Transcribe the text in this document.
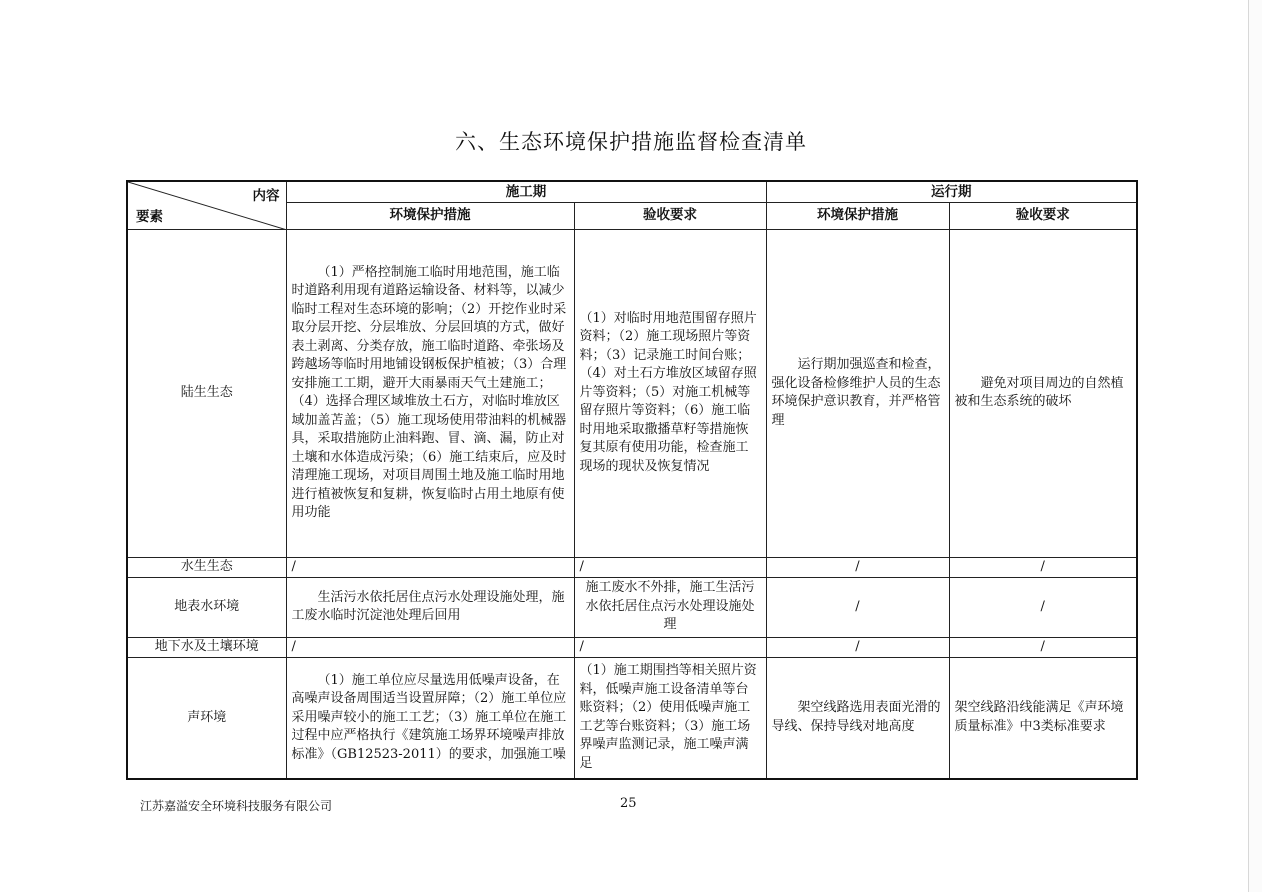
六、生态环境保护措施监督检查清单
内容
要素	施工期		运行期	
	环境保护措施	验收要求	环境保护措施	验收要求
陆生生态	（1）严格控制施工临时用地范围，施工临时道路利用现有道路运输设备、材料等，以减少临时工程对生态环境的影响；（2）开挖作业时采取分层开挖、分层堆放、分层回填的方式，做好表土剥离、分类存放，施工临时道路、牵张场及跨越场等临时用地铺设钢板保护植被；（3）合理安排施工工期，避开大雨暴雨天气土建施工；（4）选择合理区域堆放土石方，对临时堆放区域加盖苫盖；（5）施工现场使用带油料的机械器具，采取措施防止油料跑、冒、滴、漏，防止对土壤和水体造成污染；（6）施工结束后，应及时清理施工现场，对项目周围土地及施工临时用地进行植被恢复和复耕，恢复临时占用土地原有使用功能	（1）对临时用地范围留存照片资料；（2）施工现场照片等资料；（3）记录施工时间台账；（4）对土石方堆放区域留存照片等资料；（5）对施工机械等留存照片等资料；（6）施工临时用地采取撒播草籽等措施恢复其原有使用功能，检查施工现场的现状及恢复情况	运行期加强巡查和检查，强化设备检修维护人员的生态环境保护意识教育，并严格管理	避免对项目周边的自然植被和生态系统的破坏
水生生态	/	/	/	/
地表水环境	生活污水依托居住点污水处理设施处理，施工废水临时沉淀池处理后回用	施工废水不外排，施工生活污水依托居住点污水处理设施处理	/	/
地下水及土壤环境	/	/	/	/
声环境	（1）施工单位应尽量选用低噪声设备，在高噪声设备周围适当设置屏障；（2）施工单位应采用噪声较小的施工工艺；（3）施工单位在施工过程中应严格执行《建筑施工场界环境噪声排放标准》（GB12523-2011）的要求，加强施工噪	（1）施工期围挡等相关照片资料，低噪声施工设备清单等台账资料；（2）使用低噪声施工工艺等台账资料；（3）施工场界噪声监测记录，施工噪声满足	架空线路选用表面光滑的导线、保持导线对地高度	架空线路沿线能满足《声环境质量标准》中3类标准要求
江苏嘉溢安全环境科技服务有限公司	25
